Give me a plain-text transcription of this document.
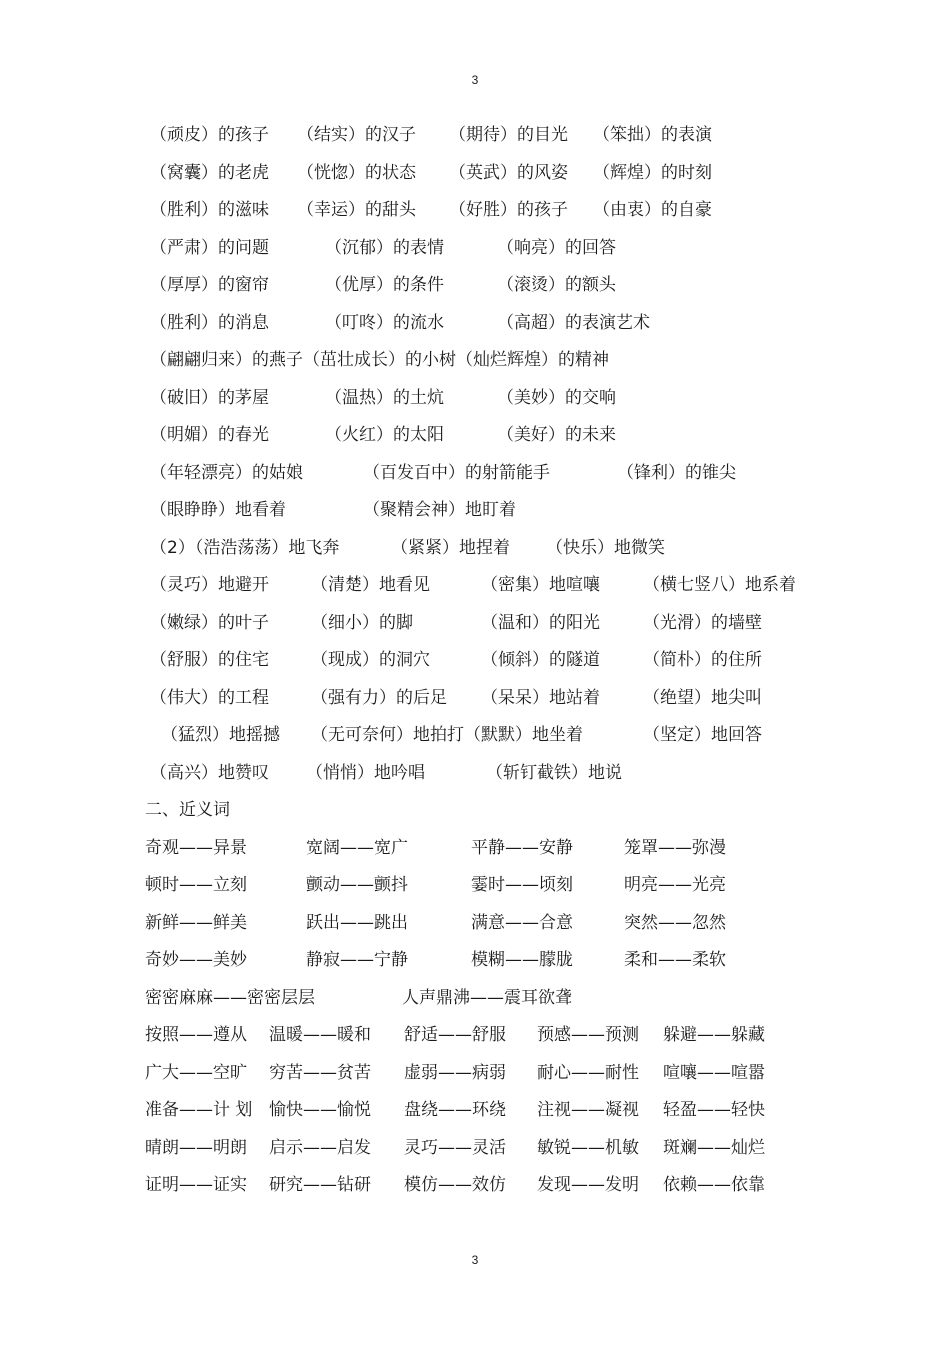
3
（顽皮）的孩子 （结实）的汉子 （期待）的目光 （笨拙）的表演
（窝囊）的老虎 （恍惚）的状态 （英武）的风姿 （辉煌）的时刻
（胜利）的滋味 （幸运）的甜头 （好胜）的孩子 （由衷）的自豪
（严肃）的问题	（沉郁）的表情	（响亮）的回答
（厚厚）的窗帘	（优厚）的条件	（滚烫）的额头
（胜利）的消息	（叮咚）的流水	（高超）的表演艺术
（翩翩归来）的燕子（茁壮成长）的小树（灿烂辉煌）的精神
（破旧）的茅屋	（温热）的土炕	（美妙）的交响
（明媚）的春光	（火红）的太阳	（美好）的未来
（年轻漂亮）的姑娘	（百发百中）的射箭能手	（锋利）的锥尖
（眼睁睁）地看着	（聚精会神）地盯着
（2）（浩浩荡荡）地飞奔	（紧紧）地捏着 （快乐）地微笑
（灵巧）地避开 （清楚）地看见	（密集）地喧嚷	（横七竖八）地系着
（嫩绿）的叶子 （细小）的脚	（温和）的阳光	（光滑）的墙壁
（舒服）的住宅 （现成）的洞穴	（倾斜）的隧道	（简朴）的住所
（伟大）的工程 （强有力）的后足 （呆呆）地站着	（绝望）地尖叫
（猛烈）地摇撼 （无可奈何）地拍打（默默）地坐着	（坚定）地回答
（高兴）地赞叹 （悄悄）地吟唱	（斩钉截铁）地说
二、近义词
奇观——异景	宽阔——宽广	平静——安静	笼罩——弥漫
顿时——立刻	颤动——颤抖	霎时——顷刻	明亮——光亮
新鲜——鲜美	跃出——跳出	满意——合意	突然——忽然
奇妙——美妙	静寂——宁静	模糊——朦胧	柔和——柔软
密密麻麻——密密层层	人声鼎沸——震耳欲聋
按照——遵从 温暖——暖和 舒适——舒服 预感——预测 躲避——躲藏
广大——空旷 穷苦——贫苦 虚弱——病弱 耐心——耐性 喧嚷——喧嚣
准备——计 划 愉快——愉悦 盘绕——环绕 注视——凝视 轻盈——轻快
晴朗——明朗 启示——启发 灵巧——灵活 敏锐——机敏 斑斓——灿烂
证明——证实 研究——钻研 模仿——效仿 发现——发明 依赖——依靠
3
